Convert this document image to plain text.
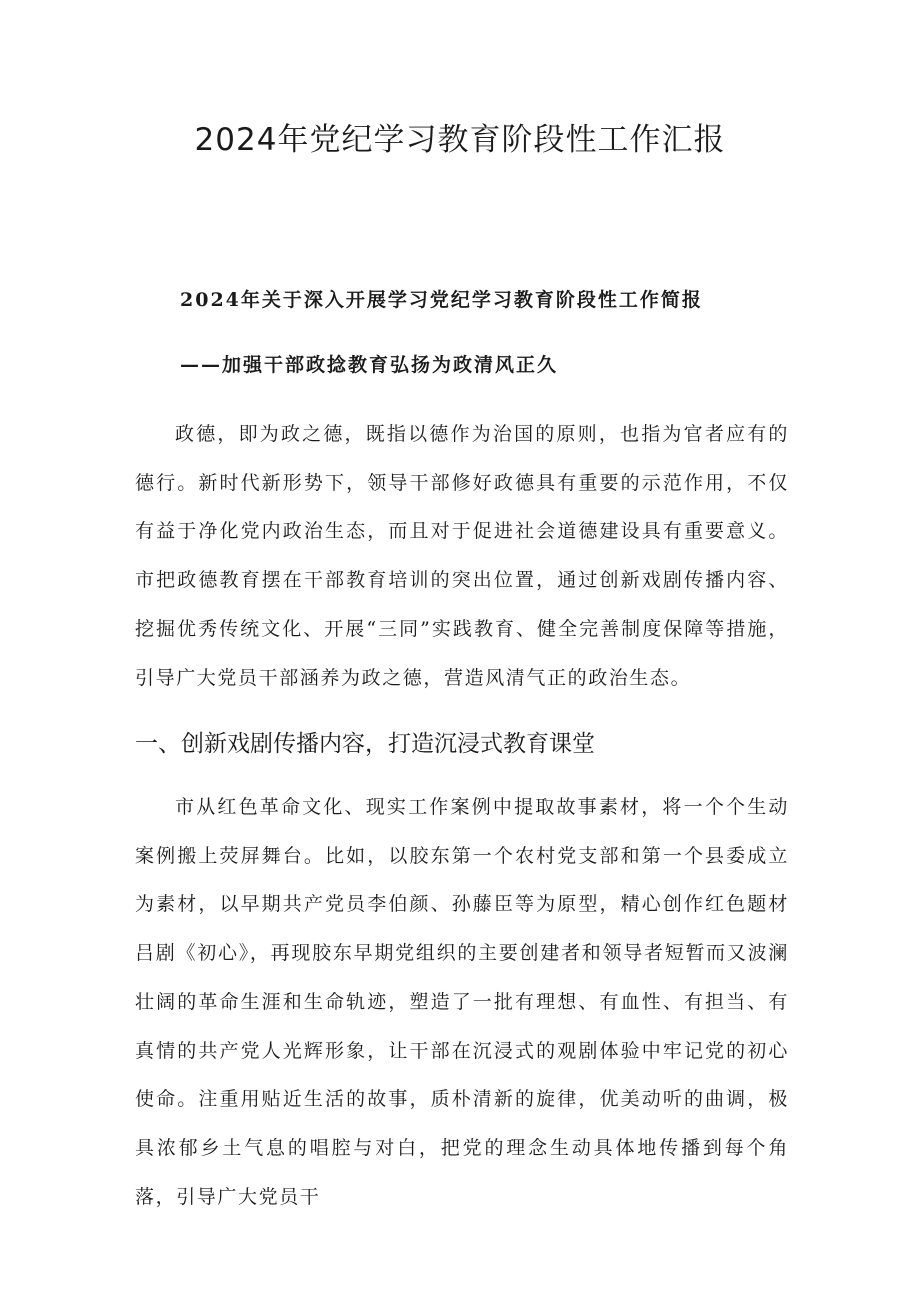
2024年党纪学习教育阶段性工作汇报
2024年关于深入开展学习党纪学习教育阶段性工作简报
——加强干部政捻教育弘扬为政清风正久

政德，即为政之德，既指以德作为治国的原则，也指为官者应有的德行。新时代新形势下，领导干部修好政德具有重要的示范作用，不仅有益于净化党内政治生态，而且对于促进社会道德建设具有重要意义。市把政德教育摆在干部教育培训的突出位置，通过创新戏剧传播内容、挖掘优秀传统文化、开展“三同”实践教育、健全完善制度保障等措施，引导广大党员干部涵养为政之德，营造风清气正的政治生态。

一、创新戏剧传播内容，打造沉浸式教育课堂

市从红色革命文化、现实工作案例中提取故事素材，将一个个生动案例搬上荧屏舞台。比如，以胶东第一个农村党支部和第一个县委成立为素材，以早期共产党员李伯颜、孙藤臣等为原型，精心创作红色题材吕剧《初心》，再现胶东早期党组织的主要创建者和领导者短暂而又波澜壮阔的革命生涯和生命轨迹，塑造了一批有理想、有血性、有担当、有真情的共产党人光辉形象，让干部在沉浸式的观剧体验中牢记党的初心使命。注重用贴近生活的故事，质朴清新的旋律，优美动听的曲调，极具浓郁乡土气息的唱腔与对白，把党的理念生动具体地传播到每个角落，引导广大党员干
